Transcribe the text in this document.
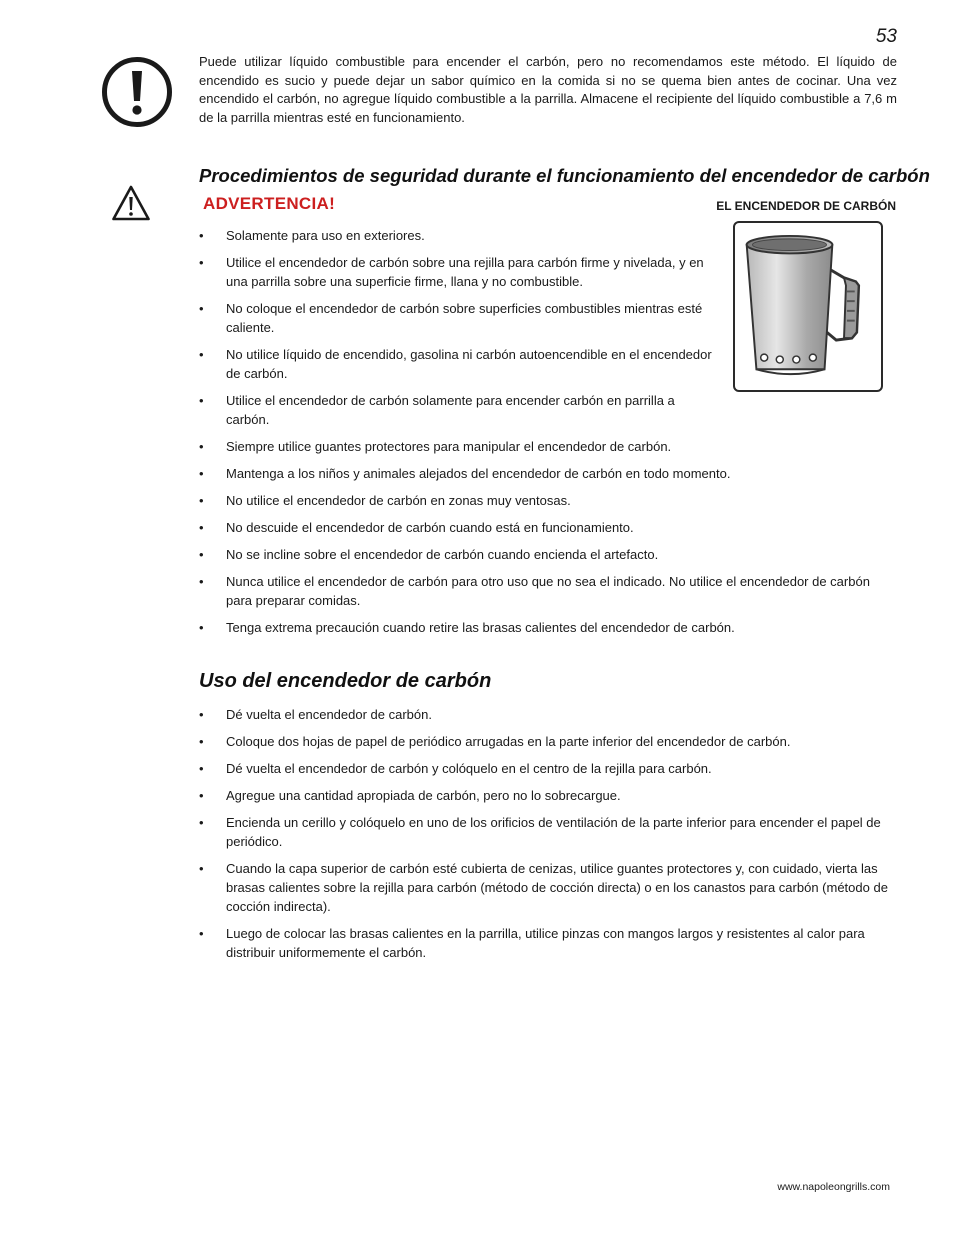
53
Puede utilizar líquido combustible para encender el carbón, pero no recomendamos este método. El líquido de encendido es sucio y puede dejar un sabor químico en la comida si no se quema bien antes de cocinar. Una vez encendido el carbón, no agregue líquido combustible a la parrilla. Almacene el recipiente del líquido combustible a 7,6 m de la parrilla mientras esté en funcionamiento.
Procedimientos de seguridad durante el funcionamiento del encendedor de carbón
ADVERTENCIA!	EL ENCENDEDOR DE CARBÓN
• Solamente para uso en exteriores.
• Utilice el encendedor de carbón sobre una rejilla para carbón firme y nivelada, y en una parrilla sobre una superficie firme, llana y no combustible.
• No coloque el encendedor de carbón sobre superficies combustibles mientras esté caliente.
• No utilice líquido de encendido, gasolina ni carbón autoencendible en el encendedor de carbón.
• Utilice el encendedor de carbón solamente para encender carbón en parrilla a carbón.
• Siempre utilice guantes protectores para manipular el encendedor de carbón.
• Mantenga a los niños y animales alejados del encendedor de carbón en todo momento.
• No utilice el encendedor de carbón en zonas muy ventosas.
• No descuide el encendedor de carbón cuando está en funcionamiento.
• No se incline sobre el encendedor de carbón cuando encienda el artefacto.
• Nunca utilice el encendedor de carbón para otro uso que no sea el indicado. No utilice el encendedor de carbón para preparar comidas.
• Tenga extrema precaución cuando retire las brasas calientes del encendedor de carbón.
Uso del encendedor de carbón
• Dé vuelta el encendedor de carbón.
• Coloque dos hojas de papel de periódico arrugadas en la parte inferior del encendedor de carbón.
• Dé vuelta el encendedor de carbón y colóquelo en el centro de la rejilla para carbón.
• Agregue una cantidad apropiada de carbón, pero no lo sobrecargue.
• Encienda un cerillo y colóquelo en uno de los orificios de ventilación de la parte inferior para encender el papel de periódico.
• Cuando la capa superior de carbón esté cubierta de cenizas, utilice guantes protectores y, con cuidado, vierta las brasas calientes sobre la rejilla para carbón (método de cocción directa) o en los canastos para carbón (método de cocción indirecta).
• Luego de colocar las brasas calientes en la parrilla, utilice pinzas con mangos largos y resistentes al calor para distribuir uniformemente el carbón.
www.napoleongrills.com
